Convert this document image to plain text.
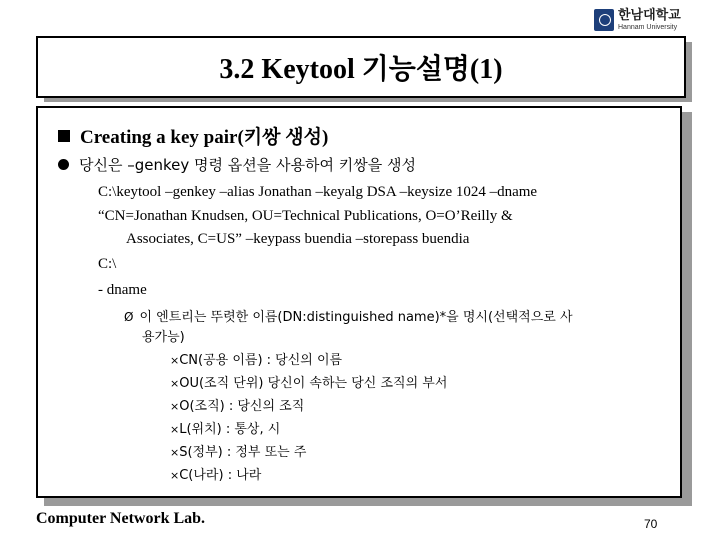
한남대학교
Hannam University
3.2 Keytool 기능설명(1)
Creating a key pair(키쌍 생성)
당신은 –genkey 명령 옵션을 사용하여 키쌍을 생성
C:\keytool –genkey –alias Jonathan –keyalg DSA –keysize 1024 –dname
“CN=Jonathan Knudsen, OU=Technical Publications, O=O’Reilly &
Associates, C=US” –keypass buendia –storepass buendia
C:\
- dname
Ø 이 엔트리는 뚜렷한 이름(DN:distinguished name)*을 명시(선택적으로 사
용가능)
×CN(공용 이름) : 당신의 이름
×OU(조직 단위) 당신이 속하는 당신 조직의 부서
×O(조직) : 당신의 조직
×L(위치) : 통상, 시
×S(정부) : 정부 또는 주
×C(나라) : 나라
Computer Network Lab.	70
